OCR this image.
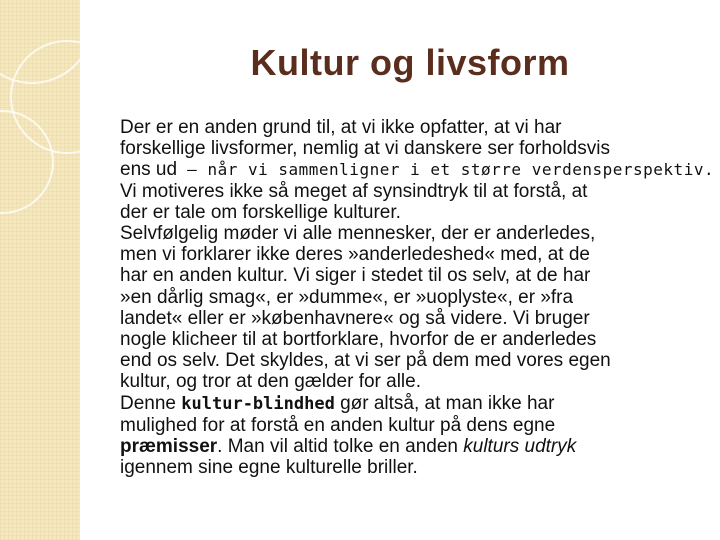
Kultur og livsform

Der er en anden grund til, at vi ikke opfatter, at vi har
forskellige livsformer, nemlig at vi danskere ser forholdsvis
ens ud – når vi sammenligner i et større verdensperspektiv.
Vi motiveres ikke så meget af synsindtryk til at forstå, at
der er tale om forskellige kulturer.

Selvfølgelig møder vi alle mennesker, der er anderledes,
men vi forklarer ikke deres »anderledeshed« med, at de
har en anden kultur. Vi siger i stedet til os selv, at de har
»en dårlig smag«, er »dumme«, er »uoplyste«, er »fra
landet« eller er »københavnere« og så videre. Vi bruger
nogle klicheer til at bortforklare, hvorfor de er anderledes
end os selv. Det skyldes, at vi ser på dem med vores egen
kultur, og tror at den gælder for alle.

Denne kultur-blindhed gør altså, at man ikke har
mulighed for at forstå en anden kultur på dens egne
præmisser. Man vil altid tolke en anden kulturs udtryk
igennem sine egne kulturelle briller.
